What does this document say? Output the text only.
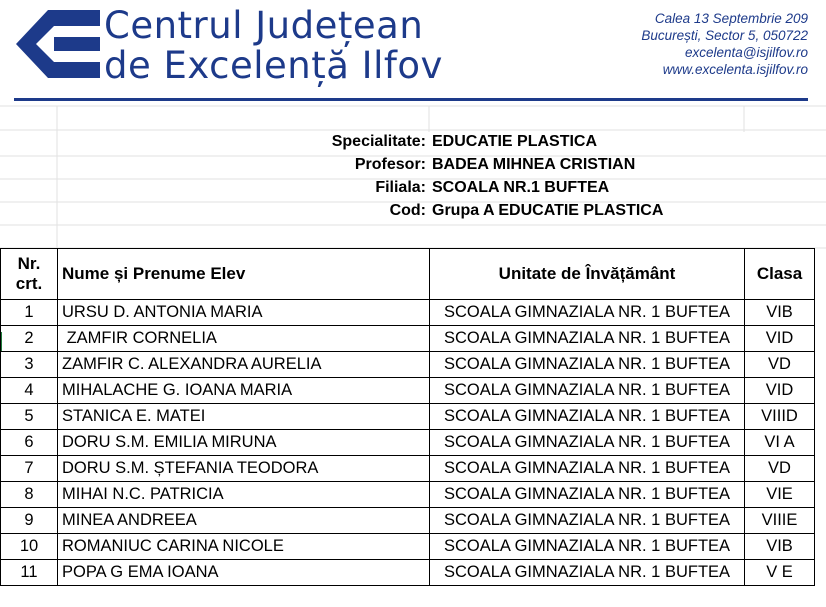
Centrul Județean
de Excelență Ilfov
Calea 13 Septembrie 209
București, Sector 5, 050722
excelenta@isjilfov.ro
www.excelenta.isjilfov.ro
Specialitate: EDUCATIE PLASTICA
Profesor: BADEA MIHNEA CRISTIAN
Filiala: SCOALA NR.1 BUFTEA
Cod: Grupa A EDUCATIE PLASTICA
Nr.
crt.	Nume și Prenume Elev	Unitate de Învățământ	Clasa
1	URSU D. ANTONIA MARIA	SCOALA GIMNAZIALA NR. 1 BUFTEA	VIB
2	ZAMFIR CORNELIA	SCOALA GIMNAZIALA NR. 1 BUFTEA	VID
3	ZAMFIR C. ALEXANDRA AURELIA	SCOALA GIMNAZIALA NR. 1 BUFTEA	VD
4	MIHALACHE G. IOANA MARIA	SCOALA GIMNAZIALA NR. 1 BUFTEA	VID
5	STANICA E. MATEI	SCOALA GIMNAZIALA NR. 1 BUFTEA	VIIID
6	DORU S.M. EMILIA MIRUNA	SCOALA GIMNAZIALA NR. 1 BUFTEA	VI A
7	DORU S.M. ȘTEFANIA TEODORA	SCOALA GIMNAZIALA NR. 1 BUFTEA	VD
8	MIHAI N.C. PATRICIA	SCOALA GIMNAZIALA NR. 1 BUFTEA	VIE
9	MINEA ANDREEA	SCOALA GIMNAZIALA NR. 1 BUFTEA	VIIIE
10	ROMANIUC CARINA NICOLE	SCOALA GIMNAZIALA NR. 1 BUFTEA	VIB
11	POPA G EMA IOANA	SCOALA GIMNAZIALA NR. 1 BUFTEA	V E
